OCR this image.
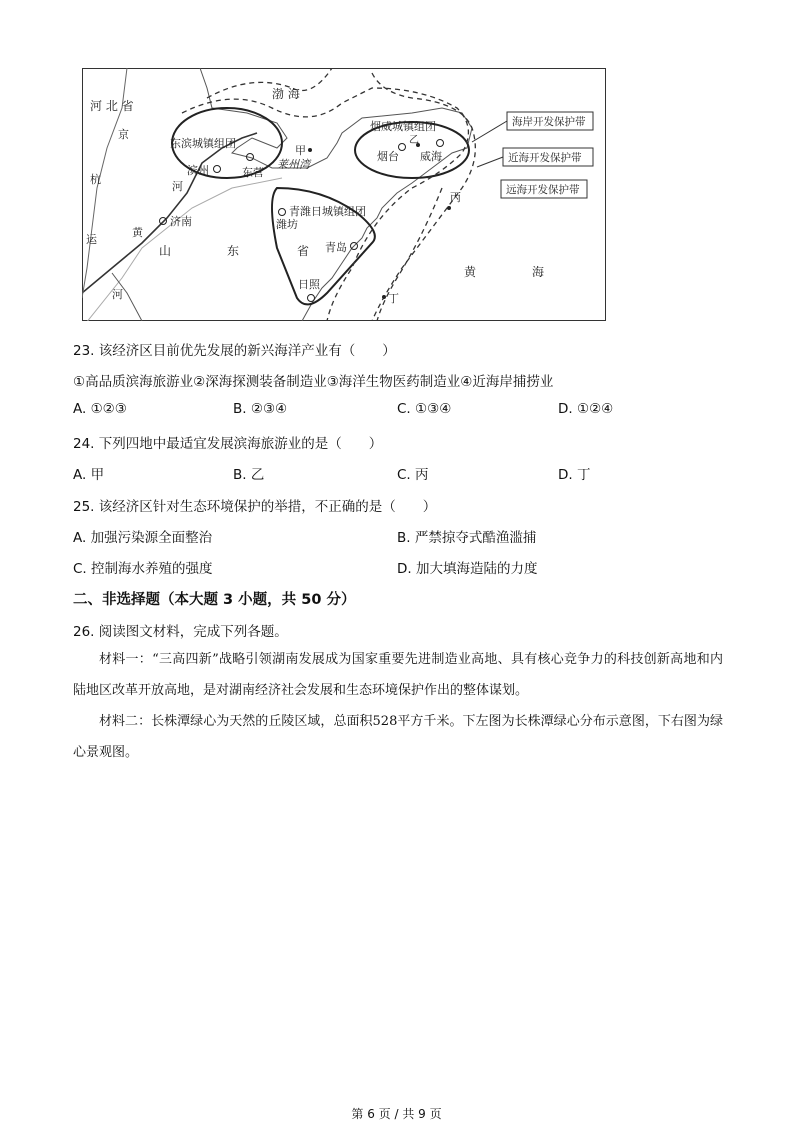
河 北 省
渤 海
京
杭
运
河
黄
河
东滨城镇组团
滨州	东营
甲
莱州湾
烟威城镇组团
乙
烟台 威海
济南
山	东	省
青潍日城镇组团
潍坊
青岛
日照
丙
丁
黄	海
海岸开发保护带
近海开发保护带
远海开发保护带
23. 该经济区目前优先发展的新兴海洋产业有（　　）
①高品质滨海旅游业②深海探测装备制造业③海洋生物医药制造业④近海岸捕捞业
A. ①②③	B. ②③④	C. ①③④	D. ①②④
24. 下列四地中最适宜发展滨海旅游业的是（　　）
A. 甲	B. 乙	C. 丙	D. 丁
25. 该经济区针对生态环境保护的举措，不正确的是（　　）
A. 加强污染源全面整治	B. 严禁掠夺式酷渔滥捕
C. 控制海水养殖的强度	D. 加大填海造陆的力度
二、非选择题（本大题 3 小题，共 50 分）
26. 阅读图文材料，完成下列各题。
材料一：“三高四新”战略引领湖南发展成为国家重要先进制造业高地、具有核心竞争力的科技创新高地和内陆地区改革开放高地，是对湖南经济社会发展和生态环境保护作出的整体谋划。
材料二：长株潭绿心为天然的丘陵区域，总面积528平方千米。下左图为长株潭绿心分布示意图，下右图为绿心景观图。
第 6 页 / 共 9 页
